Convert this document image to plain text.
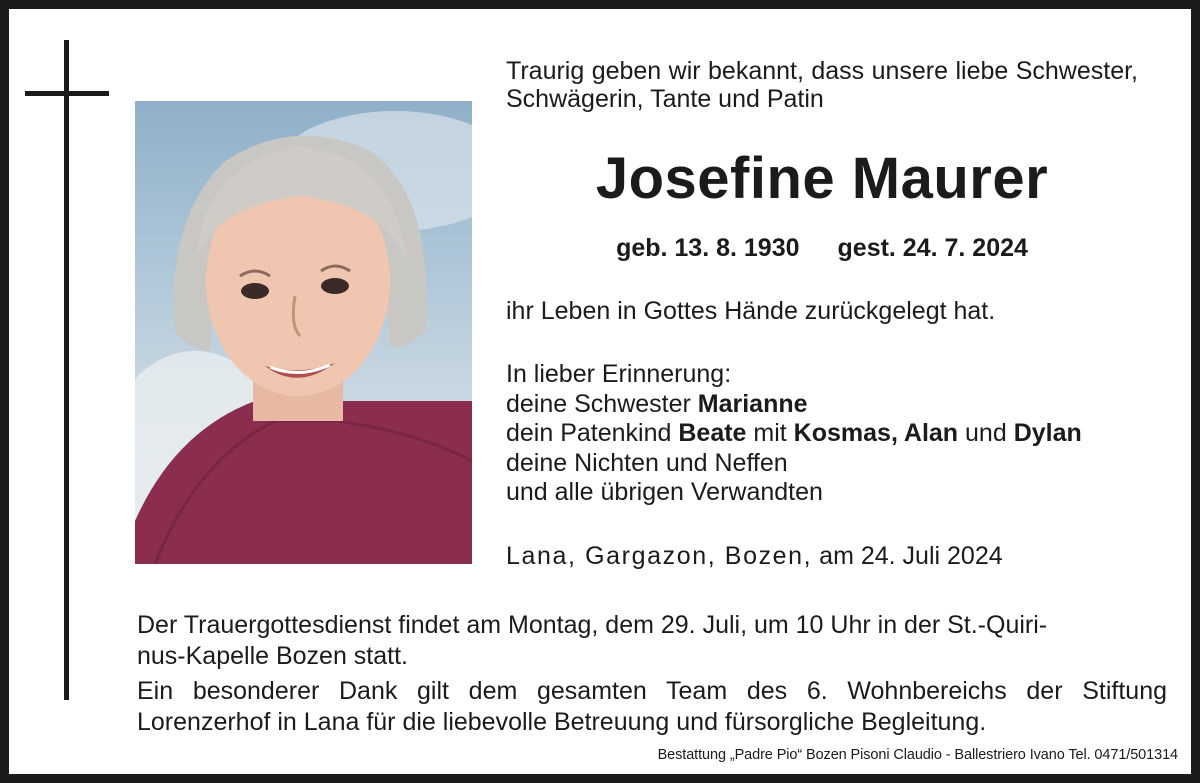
Traurig geben wir bekannt, dass unsere liebe Schwester, Schwägerin, Tante und Patin
Josefine Maurer
geb. 13. 8. 1930 gest. 24. 7. 2024
ihr Leben in Gottes Hände zurückgelegt hat.
In lieber Erinnerung:
deine Schwester Marianne
dein Patenkind Beate mit Kosmas, Alan und Dylan
deine Nichten und Neffen
und alle übrigen Verwandten
Lana, Gargazon, Bozen, am 24. Juli 2024
Der Trauergottesdienst findet am Montag, dem 29. Juli, um 10 Uhr in der St.-Quiri-
nus-Kapelle Bozen statt.
Ein besonderer Dank gilt dem gesamten Team des 6. Wohnbereichs der Stiftung Lorenzerhof in Lana für die liebevolle Betreuung und fürsorgliche Begleitung.
Bestattung „Padre Pio“ Bozen Pisoni Claudio - Ballestriero Ivano Tel. 0471/501314
